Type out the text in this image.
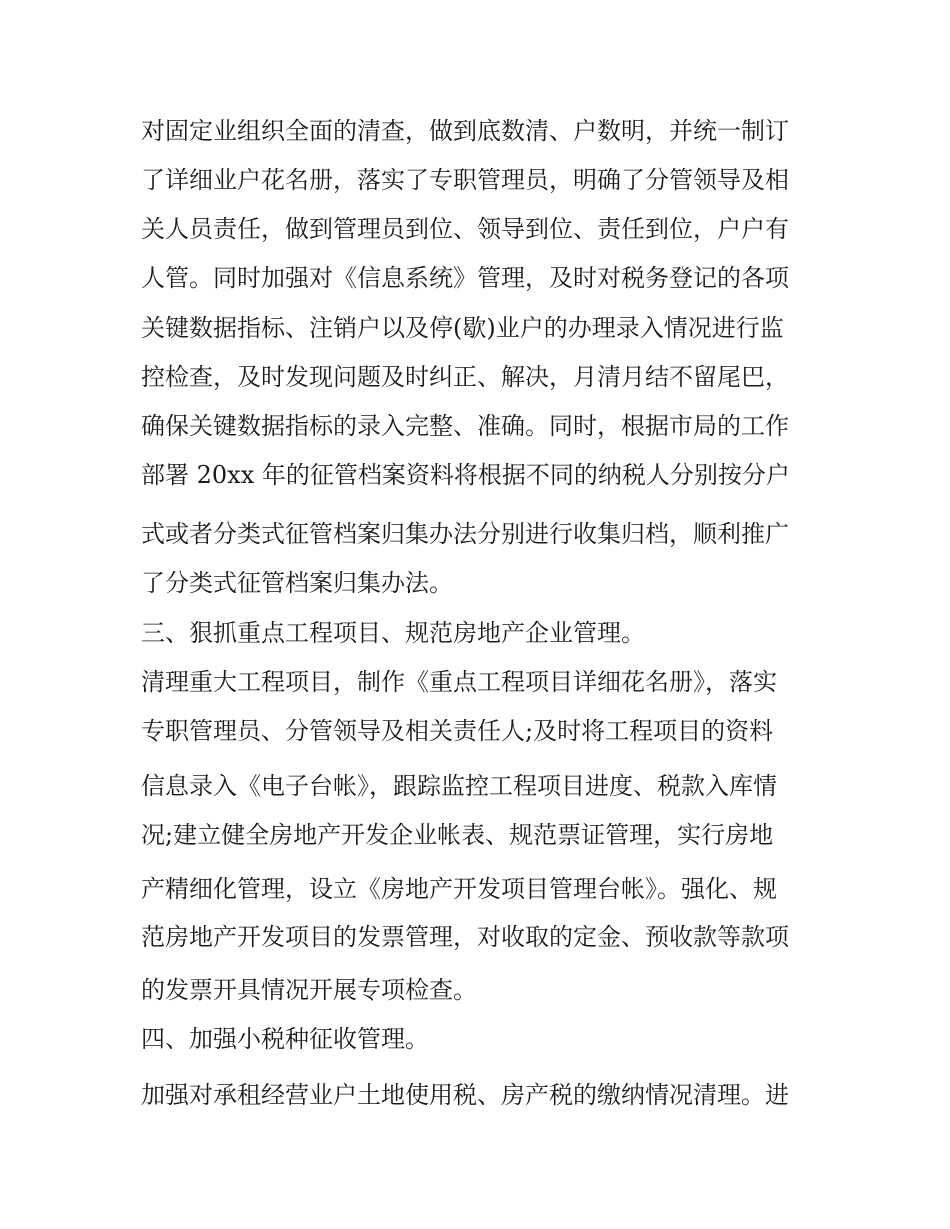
对固定业组织全面的清查，做到底数清、户数明，并统一制订
了详细业户花名册，落实了专职管理员，明确了分管领导及相
关人员责任，做到管理员到位、领导到位、责任到位，户户有
人管。同时加强对《信息系统》管理，及时对税务登记的各项
关键数据指标、注销户以及停(歇)业户的办理录入情况进行监
控检查，及时发现问题及时纠正、解决，月清月结不留尾巴，
确保关键数据指标的录入完整、准确。同时，根据市局的工作
部署 20xx 年的征管档案资料将根据不同的纳税人分别按分户
式或者分类式征管档案归集办法分别进行收集归档，顺利推广
了分类式征管档案归集办法。
三、狠抓重点工程项目、规范房地产企业管理。
清理重大工程项目，制作《重点工程项目详细花名册》，落实
专职管理员、分管领导及相关责任人;及时将工程项目的资料
信息录入《电子台帐》，跟踪监控工程项目进度、税款入库情
况;建立健全房地产开发企业帐表、规范票证管理，实行房地
产精细化管理，设立《房地产开发项目管理台帐》。强化、规
范房地产开发项目的发票管理，对收取的定金、预收款等款项
的发票开具情况开展专项检查。
四、加强小税种征收管理。
加强对承租经营业户土地使用税、房产税的缴纳情况清理。进
